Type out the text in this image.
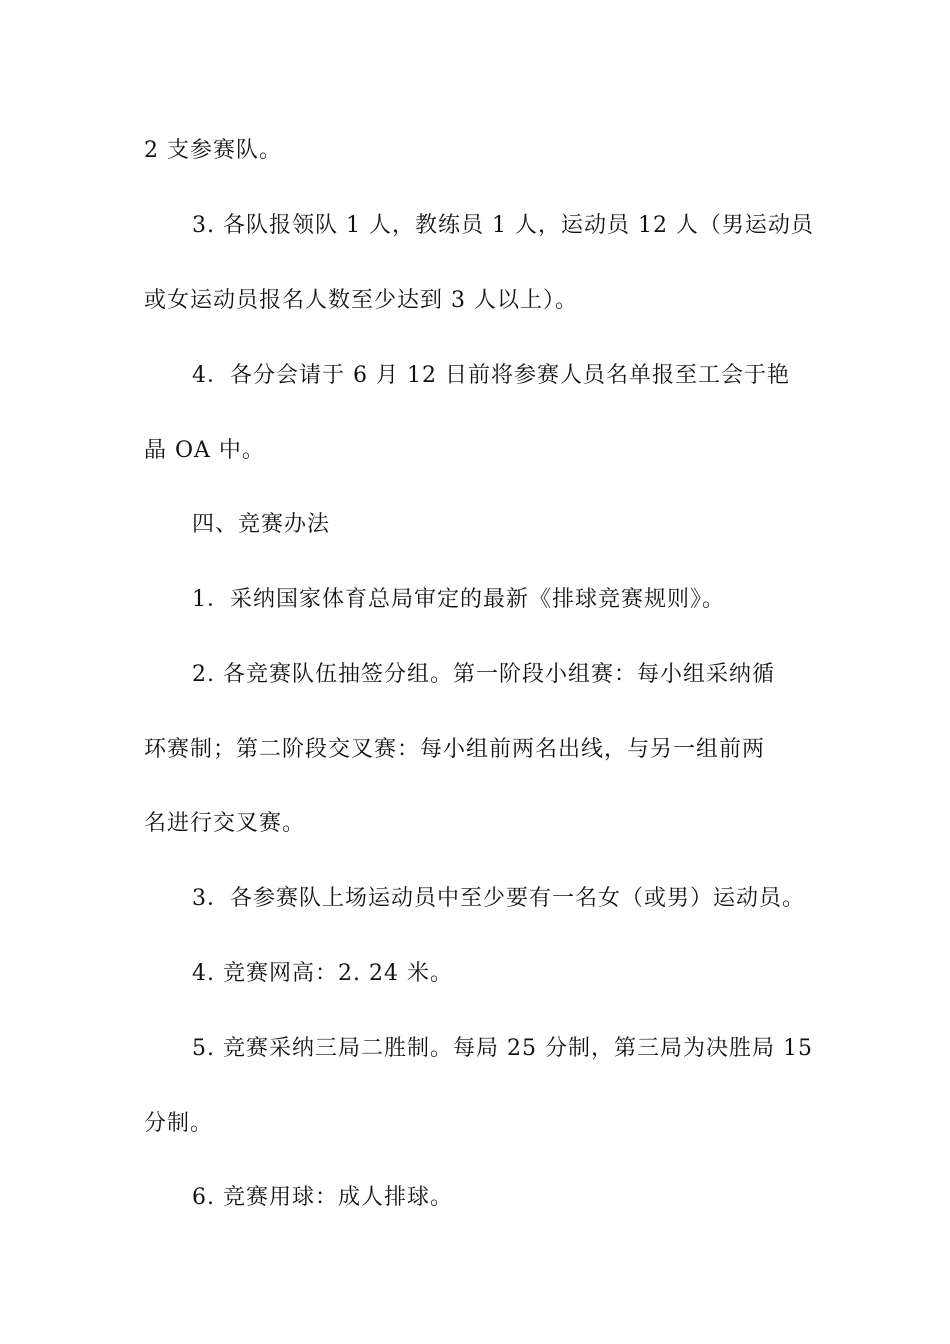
2 支参赛队。
3. 各队报领队 1 人，教练员 1 人，运动员 12 人（男运动员
或女运动员报名人数至少达到 3 人以上）。
4．各分会请于 6 月 12 日前将参赛人员名单报至工会于艳
晶 OA 中。
四、竞赛办法
1．采纳国家体育总局审定的最新《排球竞赛规则》。
2. 各竞赛队伍抽签分组。第一阶段小组赛：每小组采纳循
环赛制；第二阶段交叉赛：每小组前两名出线，与另一组前两
名进行交叉赛。
3．各参赛队上场运动员中至少要有一名女（或男）运动员。
4. 竞赛网高：2. 24 米。
5. 竞赛采纳三局二胜制。每局 25 分制，第三局为决胜局 15
分制。
6. 竞赛用球：成人排球。
